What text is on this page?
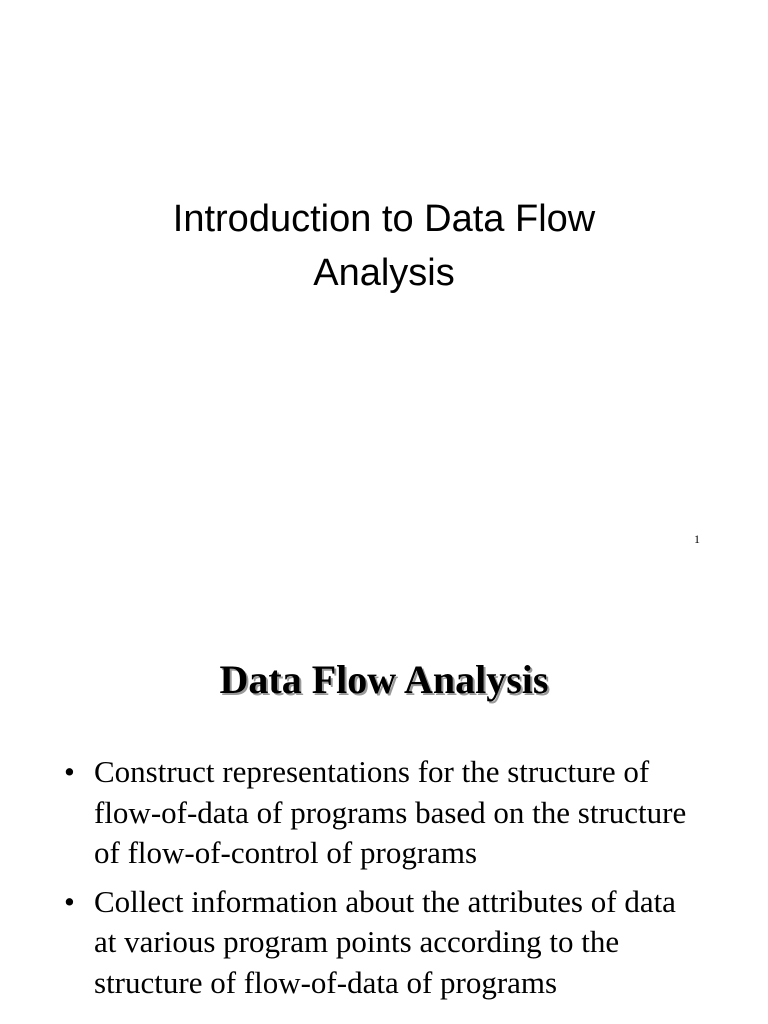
Introduction to Data Flow
Analysis
1
Data Flow Analysis
• Construct representations for the structure of flow-of-data of programs based on the structure of flow-of-control of programs
• Collect information about the attributes of data at various program points according to the structure of flow-of-data of programs
